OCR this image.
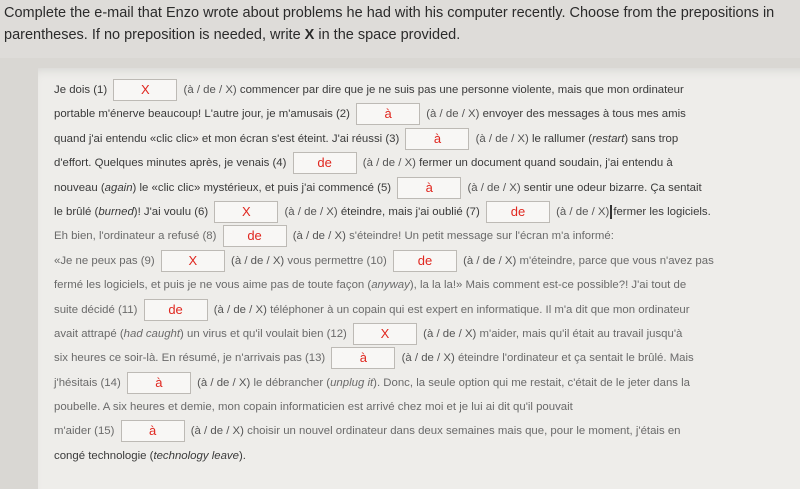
Complete the e-mail that Enzo wrote about problems he had with his computer recently. Choose from the prepositions in
parentheses. If no preposition is needed, write X in the space provided.
Je dois (1)	X	(à / de / X) commencer par dire que je ne suis pas une personne violente, mais que mon ordinateur
portable m'énerve beaucoup! L'autre jour, je m'amusais (2)	à	(à / de / X) envoyer des messages à tous mes amis
quand j'ai entendu «clic clic» et mon écran s'est éteint. J'ai réussi (3)	à	(à / de / X) le rallumer (restart) sans trop
d'effort. Quelques minutes après, je venais (4) de	(à / de / X) fermer un document quand soudain, j'ai entendu à
nouveau (again) le «clic clic» mystérieux, et puis j'ai commencé (5)	à	(à / de / X) sentir une odeur bizarre. Ça sentait
le brûlé (burned)! J'ai voulu (6)	X	(à / de / X) éteindre, mais j'ai oublié (7) de	(à / de / X) fermer les logiciels.
Eh bien, l'ordinateur a refusé (8) de	(à / de / X) s'éteindre! Un petit message sur l'écran m'a informé:
«Je ne peux pas (9)	X	(à / de / X) vous permettre (10) de	(à / de / X) m'éteindre, parce que vous n'avez pas
fermé les logiciels, et puis je ne vous aime pas de toute façon (anyway), la la la!» Mais comment est-ce possible?! J'ai tout de
suite décidé (11) de	(à / de / X) téléphoner à un copain qui est expert en informatique. Il m'a dit que mon ordinateur
avait attrapé (had caught) un virus et qu'il voulait bien (12)	X	(à / de / X) m'aider, mais qu'il était au travail jusqu'à
six heures ce soir-là. En résumé, je n'arrivais pas (13)	à	(à / de / X) éteindre l'ordinateur et ça sentait le brûlé. Mais
j'hésitais (14)	à	(à / de / X) le débrancher (unplug it). Donc, la seule option qui me restait, c'était de le jeter dans la
poubelle. A six heures et demie, mon copain informaticien est arrivé chez moi et je lui ai dit qu'il pouvait
m'aider (15)	à	(à / de / X) choisir un nouvel ordinateur dans deux semaines mais que, pour le moment, j'étais en
congé technologie (technology leave).
